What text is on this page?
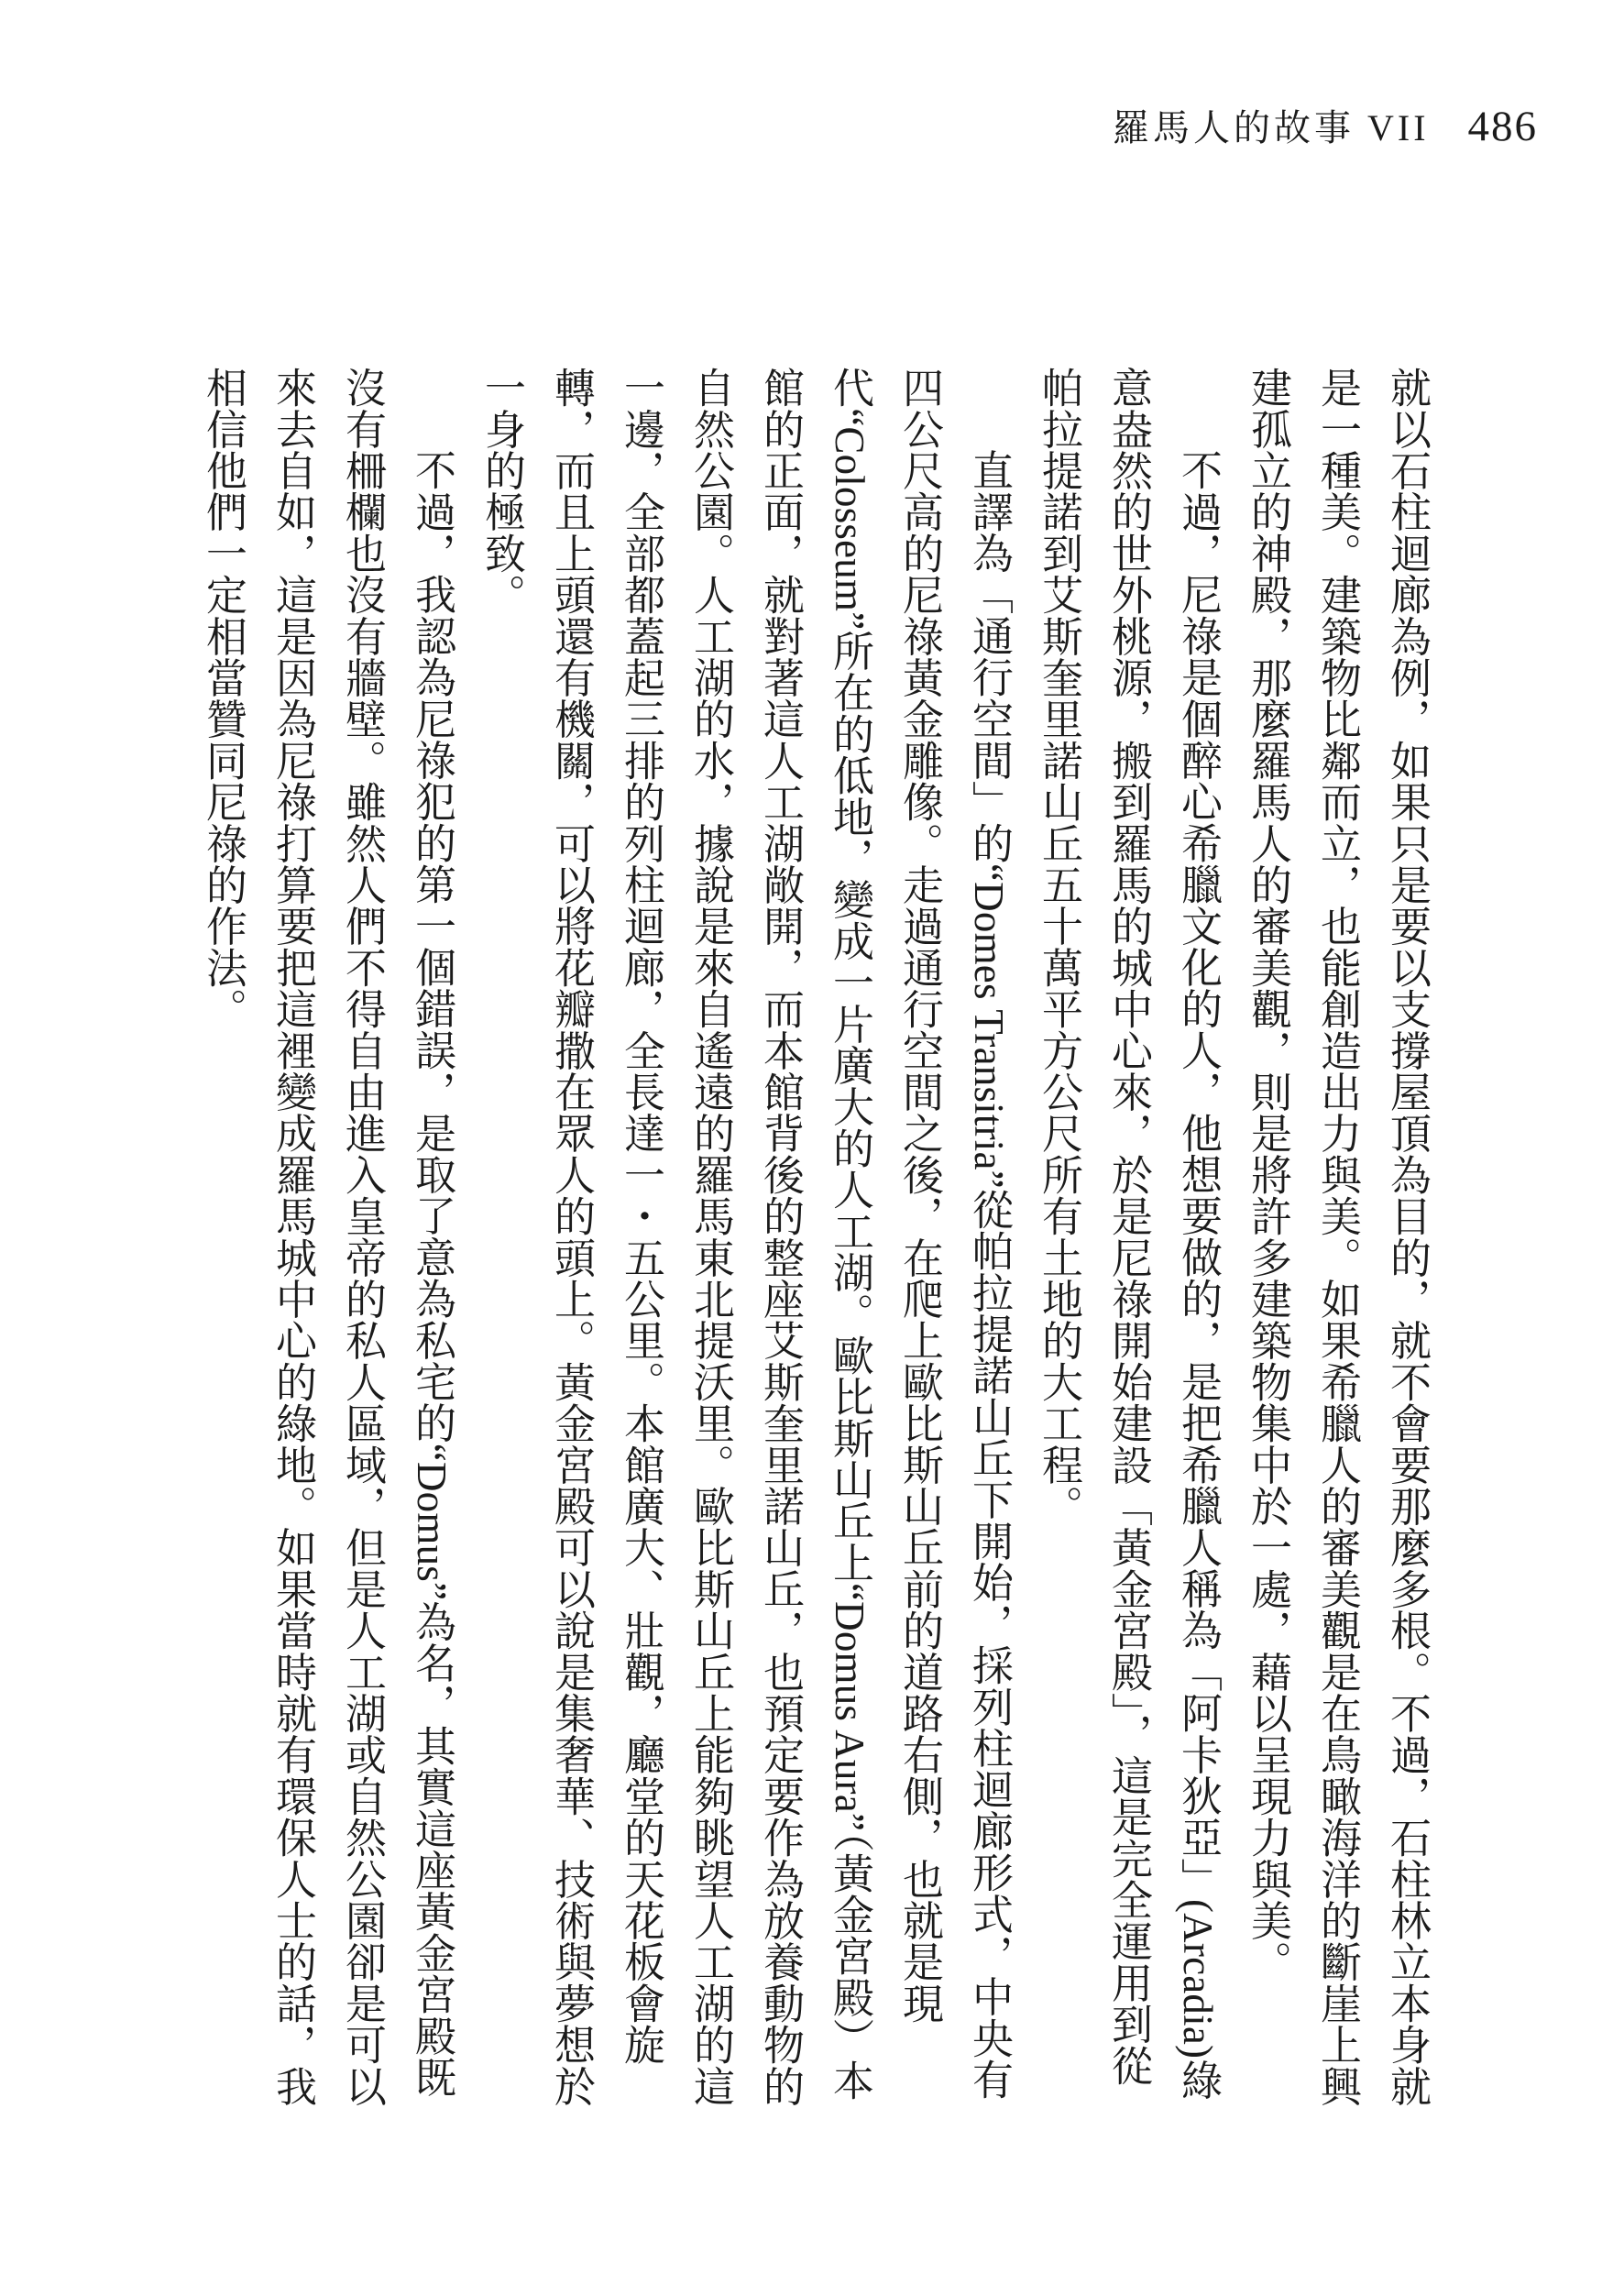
羅馬人的故事 VII 486

就以石柱迴廊為例，如果只是要以支撐屋頂為目的，就不會要那麼多根。不過，石柱林立本身就是一種美。建築物比鄰而立，也能創造出力與美。如果希臘人的審美觀是在鳥瞰海洋的斷崖上興建孤立的神殿，那麼羅馬人的審美觀，則是將許多建築物集中於一處，藉以呈現力與美。

不過，尼祿是個醉心希臘文化的人，他想要做的，是把希臘人稱為「阿卡狄亞」(Arcadia)綠意盎然的世外桃源，搬到羅馬的城中心來，於是尼祿開始建設「黃金宮殿」，這是完全運用到從帕拉提諾到艾斯奎里諾山丘五十萬平方公尺所有土地的大工程。

直譯為「通行空間」的“Domes Transitria”從帕拉提諾山丘下開始，採列柱迴廊形式，中央有四公尺高的尼祿黃金雕像。走過通行空間之後，在爬上歐比斯山丘前的道路右側，也就是現代“Colosseum”所在的低地，變成一片廣大的人工湖。歐比斯山丘上“Domus Aura”（黃金宮殿）本館的正面，就對著這人工湖敞開，而本館背後的整座艾斯奎里諾山丘，也預定要作為放養動物的自然公園。人工湖的水，據說是來自遙遠的羅馬東北提沃里。歐比斯山丘上能夠眺望人工湖的這一邊，全部都蓋起三排的列柱迴廊，全長達一・五公里。本館廣大、壯觀，廳堂的天花板會旋轉，而且上頭還有機關，可以將花瓣撒在眾人的頭上。黃金宮殿可以說是集奢華、技術與夢想於一身的極致。

不過，我認為尼祿犯的第一個錯誤，是取了意為私宅的“Domus”為名，其實這座黃金宮殿既沒有柵欄也沒有牆壁。雖然人們不得自由進入皇帝的私人區域，但是人工湖或自然公園卻是可以來去自如，這是因為尼祿打算要把這裡變成羅馬城中心的綠地。如果當時就有環保人士的話，我相信他們一定相當贊同尼祿的作法。
